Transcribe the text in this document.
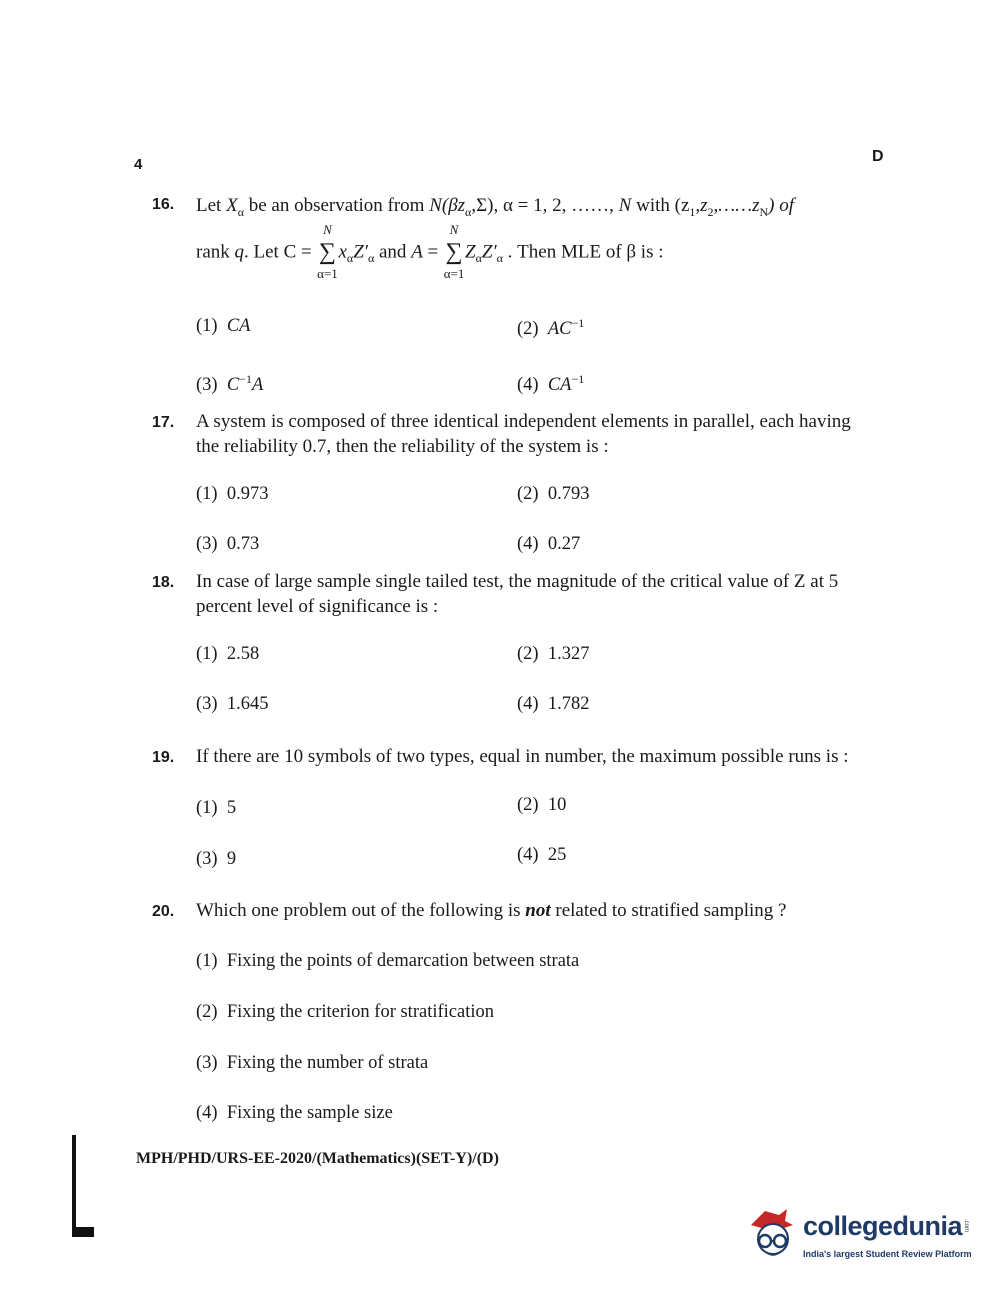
4	D
16. Let $X_\alpha$ be an observation from $N(\beta z_\alpha,\Sigma)$, α = 1, 2, ……, N with $(z_1,z_2,\dots\dots z_N)$ of
rank q. Let C =
N
∑
α=1
$x_\alpha Z'_\alpha$ and A =
N
∑
α=1
$Z_\alpha Z'_\alpha$ . Then MLE of β is :
(1) CA	(2) $AC^{-1}$
(3) $C^{-1}A$	(4) $CA^{-1}$
17. A system is composed of three identical independent elements in parallel, each having
the reliability 0.7, then the reliability of the system is :
(1) 0.973	(2) 0.793
(3) 0.73	(4) 0.27
18. In case of large sample single tailed test, the magnitude of the critical value of Z at 5
percent level of significance is :
(1) 2.58	(2) 1.327
(3) 1.645	(4) 1.782
19. If there are 10 symbols of two types, equal in number, the maximum possible runs is :
(1) 5	(2) 10
(3) 9	(4) 25
20. Which one problem out of the following is not related to stratified sampling ?
(1) Fixing the points of demarcation between strata
(2) Fixing the criterion for stratification
(3) Fixing the number of strata
(4) Fixing the sample size
MPH/PHD/URS-EE-2020/(Mathematics)(SET-Y)/(D)
collegedunia .com
India's largest Student Review Platform
